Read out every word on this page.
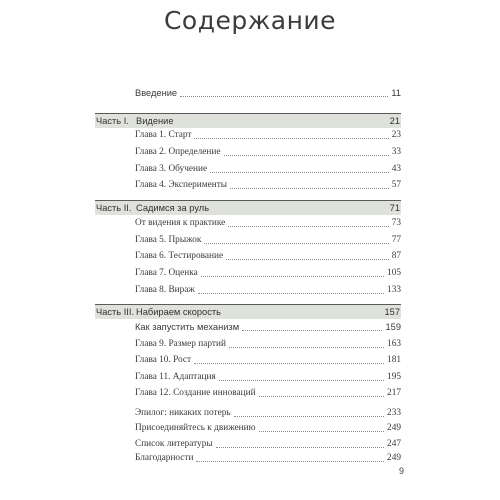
Содержание
Введение	11
Часть I. Видение	21
Глава 1. Старт	23
Глава 2. Определение	33
Глава 3. Обучение	43
Глава 4. Эксперименты	57
Часть II. Садимся за руль	71
От видения к практике	73
Глава 5. Прыжок	77
Глава 6. Тестирование	87
Глава 7. Оценка	105
Глава 8. Вираж	133
Часть III. Набираем скорость	157
Как запустить механизм	159
Глава 9. Размер партий	163
Глава 10. Рост	181
Глава 11. Адаптация	195
Глава 12. Создание инноваций	217
Эпилог: никаких потерь	233
Присоединяйтесь к движению	249
Список литературы	247
Благодарности	249
9
